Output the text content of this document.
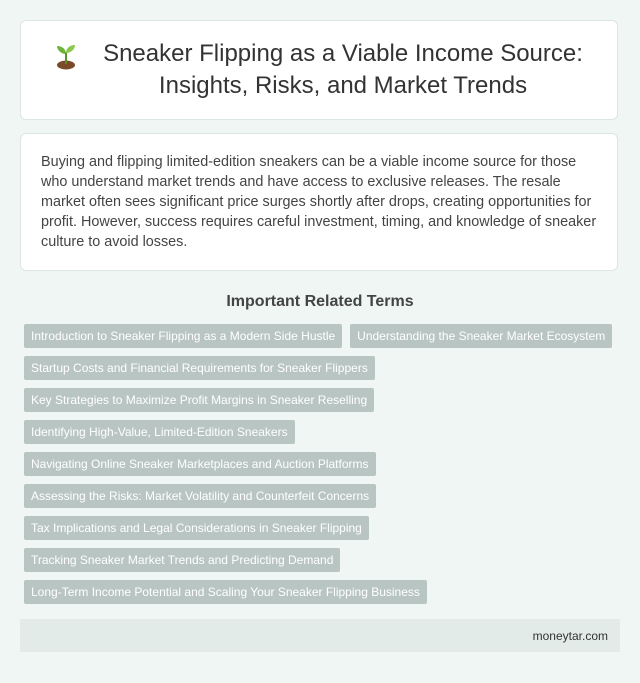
Sneaker Flipping as a Viable Income Source: Insights, Risks, and Market Trends

Buying and flipping limited-edition sneakers can be a viable income source for those who understand market trends and have access to exclusive releases. The resale market often sees significant price surges shortly after drops, creating opportunities for profit. However, success requires careful investment, timing, and knowledge of sneaker culture to avoid losses.

Important Related Terms
Introduction to Sneaker Flipping as a Modern Side Hustle	Understanding the Sneaker Market Ecosystem
Startup Costs and Financial Requirements for Sneaker Flippers
Key Strategies to Maximize Profit Margins in Sneaker Reselling
Identifying High-Value, Limited-Edition Sneakers
Navigating Online Sneaker Marketplaces and Auction Platforms
Assessing the Risks: Market Volatility and Counterfeit Concerns
Tax Implications and Legal Considerations in Sneaker Flipping
Tracking Sneaker Market Trends and Predicting Demand
Long-Term Income Potential and Scaling Your Sneaker Flipping Business
moneytar.com
